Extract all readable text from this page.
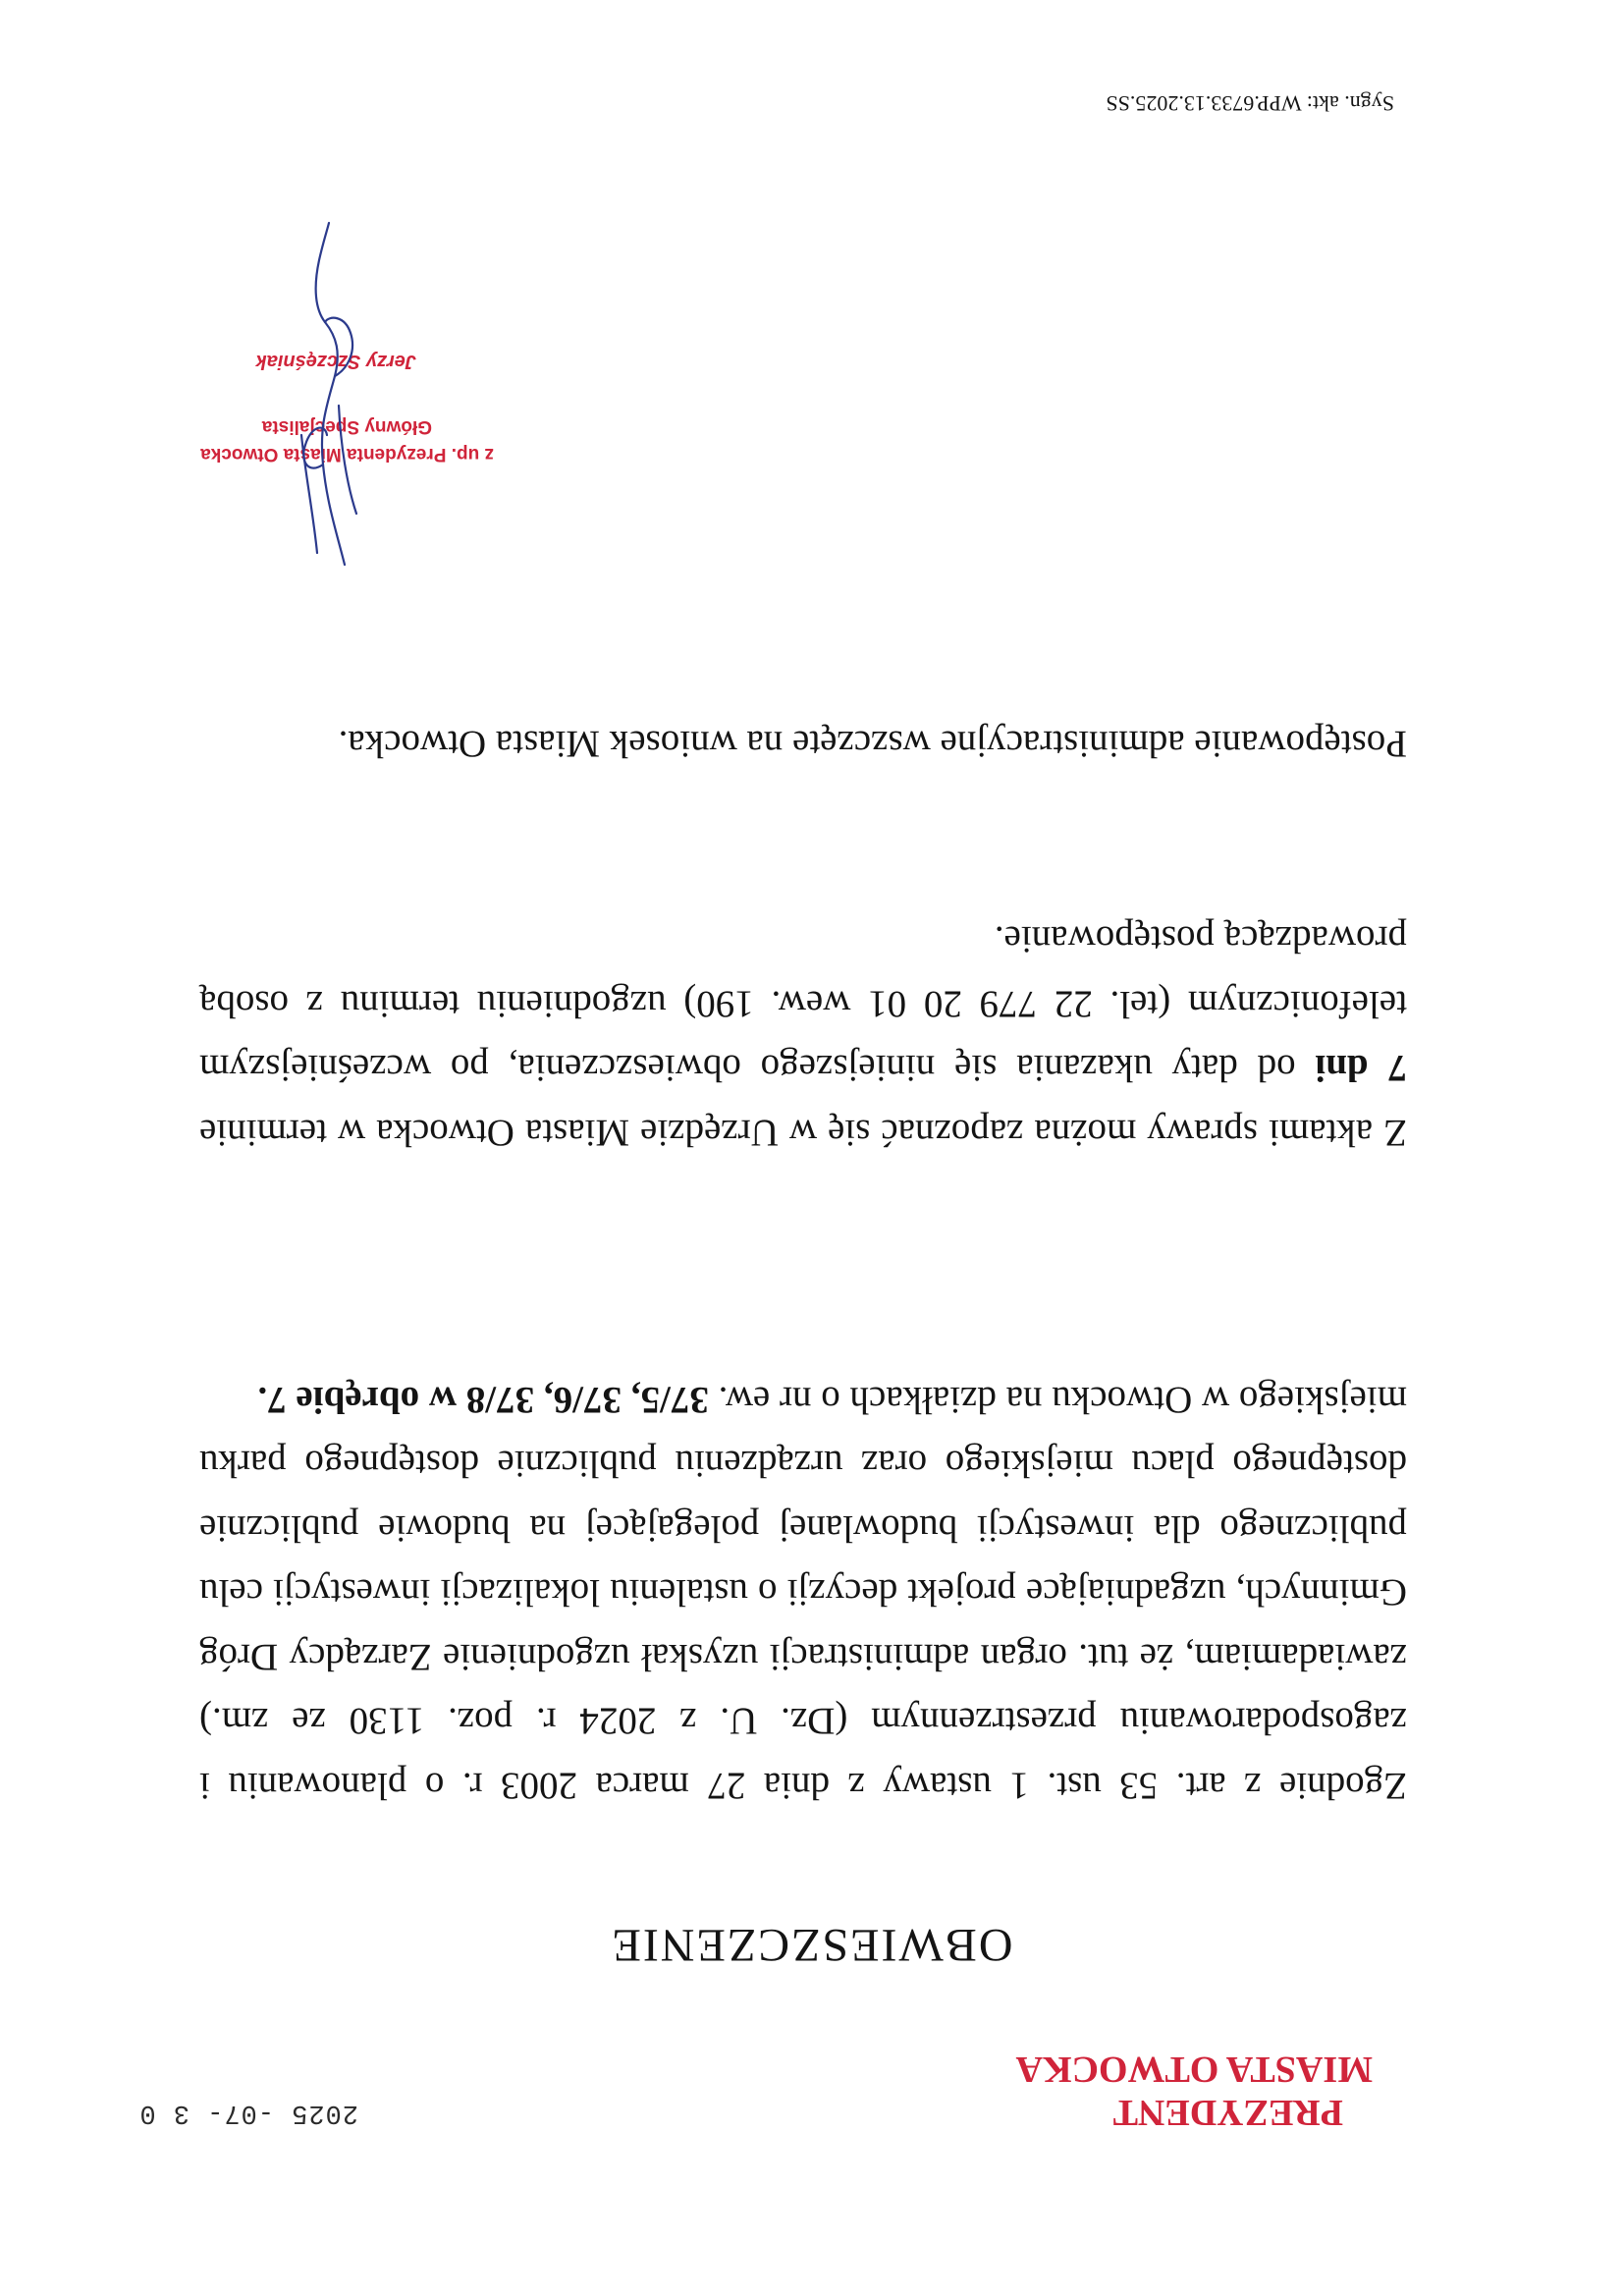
PREZYDENT
MIASTA OTWOCKA
2025 -07- 3 0
OBWIESZCZENIE

Zgodnie z art. 53 ust. 1 ustawy z dnia 27 marca 2003 r. o planowaniu i zagospodarowaniu przestrzennym (Dz. U. z 2024 r. poz. 1130 ze zm.) zawiadamiam, że tut. organ administracji uzyskał uzgodnienie Zarządcy Dróg Gminnych, uzgadniające projekt decyzji o ustaleniu lokalizacji inwestycji celu publicznego dla inwestycji budowlanej polegającej na budowie publicznie dostępnego placu miejskiego oraz urządzeniu publicznie dostępnego parku miejskiego w Otwocku na działkach o nr ew. 37/5, 37/6, 37/8 w obrębie 7.

Z aktami sprawy można zapoznać się w Urzędzie Miasta Otwocka w terminie 7 dni od daty ukazania się niniejszego obwieszczenia, po wcześniejszym telefonicznym (tel. 22 779 20 01 wew. 190) uzgodnieniu terminu z osobą prowadzącą postępowanie.

Postępowanie administracyjne wszczęte na wniosek Miasta Otwocka.

z up. Prezydenta Miasta Otwocka
Główny Specjalista
Jerzy Szczęśniak
Sygn. akt: WPP.6733.13.2025.SS
